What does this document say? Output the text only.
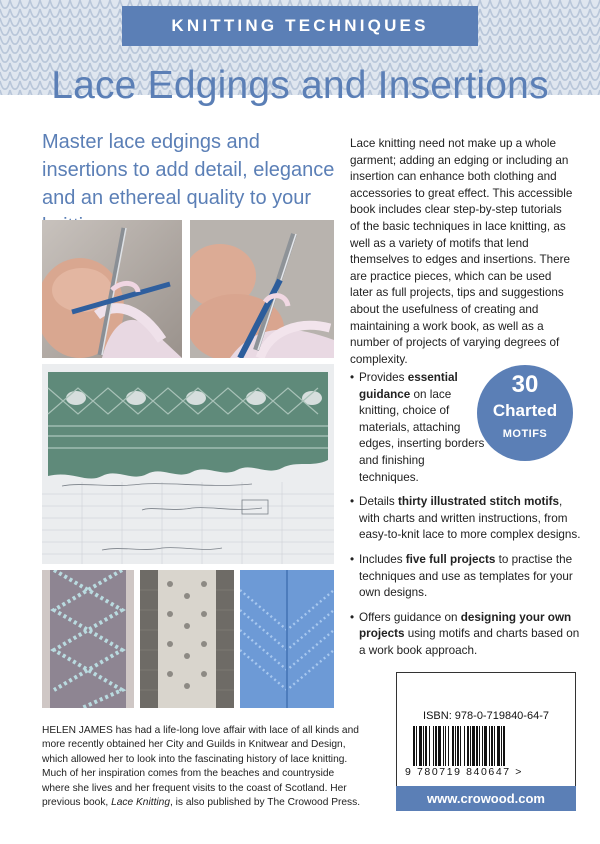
KNITTING TECHNIQUES
Lace Edgings and Insertions
Master lace edgings and insertions to add detail, elegance and an ethereal quality to your
Lace knitting need not make up a whole garment; adding an edging or including an insertion can enhance both clothing and accessories to great effect. This accessible book includes clear step-by-step tutorials of the basic techniques in lace knitting, as well as a variety of motifs that lend themselves to edges and insertions. There are practice pieces, which can be used later as full projects, tips and suggestions about the usefulness of creating and maintaining a work book, as well as a number of projects of varying degrees of complexity.
• Provides essential guidance on lace knitting, choice of materials, attaching edges, inserting borders and finishing techniques.
• Details thirty illustrated stitch motifs, with charts and written instructions, from easy-to-knit lace to more complex designs.
• Includes five full projects to practise the techniques and use as templates for your own designs.
• Offers guidance on designing your own projects using motifs and charts based on a work book approach.
30
Charted
MOTIFS
HELEN JAMES has had a life-long love affair with lace of all kinds and more recently obtained her City and Guilds in Knitwear and Design, which allowed her to look into the fascinating history of lace knitting. Much of her inspiration comes from the beaches and countryside where she lives and her frequent visits to the coast of Scotland. Her previous book, Lace Knitting, is also published by The Crowood Press.
ISBN: 978-0-719840-64-7
9 780719 840647 >
www.crowood.com
